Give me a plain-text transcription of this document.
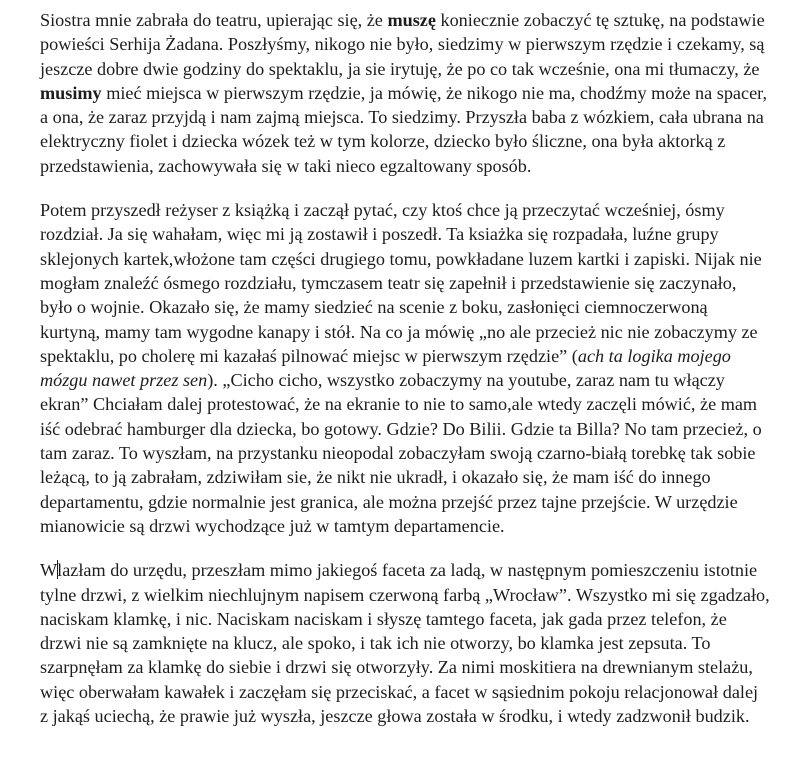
Siostra mnie zabrała do teatru, upierając się, że muszę koniecznie zobaczyć tę sztukę, na podstawie powieści Serhija Żadana. Poszłyśmy, nikogo nie było, siedzimy w pierwszym rzędzie i czekamy, są jeszcze dobre dwie godziny do spektaklu, ja sie irytuję, że po co tak wcześnie, ona mi tłumaczy, że musimy mieć miejsca w pierwszym rzędzie, ja mówię, że nikogo nie ma, chodźmy może na spacer, a ona, że zaraz przyjdą i nam zajmą miejsca. To siedzimy. Przyszła baba z wózkiem, cała ubrana na elektryczny fiolet i dziecka wózek też w tym kolorze, dziecko było śliczne, ona była aktorką z przedstawienia, zachowywała się w taki nieco egzaltowany sposób.

Potem przyszedł reżyser z książką i zaczął pytać, czy ktoś chce ją przeczytać wcześniej, ósmy rozdział. Ja się wahałam, więc mi ją zostawił i poszedł. Ta ksiażka się rozpadała, luźne grupy sklejonych kartek,włożone tam części drugiego tomu, powkładane luzem kartki i zapiski. Nijak nie mogłam znaleźć ósmego rozdziału, tymczasem teatr się zapełnił i przedstawienie się zaczynało, było o wojnie. Okazało się, że mamy siedzieć na scenie z boku, zasłonięci ciemnoczerwoną kurtyną, mamy tam wygodne kanapy i stół. Na co ja mówię „no ale przecież nic nie zobaczymy ze spektaklu, po cholerę mi kazałaś pilnować miejsc w pierwszym rzędzie” (ach ta logika mojego mózgu nawet przez sen). „Cicho cicho, wszystko zobaczymy na youtube, zaraz nam tu włączy ekran” Chciałam dalej protestować, że na ekranie to nie to samo,ale wtedy zaczęli mówić, że mam iść odebrać hamburger dla dziecka, bo gotowy. Gdzie? Do Bilii. Gdzie ta Billa? No tam przecież, o tam zaraz. To wyszłam, na przystanku nieopodal zobaczyłam swoją czarno-białą torebkę tak sobie leżącą, to ją zabrałam, zdziwiłam sie, że nikt nie ukradł, i okazało się, że mam iść do innego departamentu, gdzie normalnie jest granica, ale można przejść przez tajne przejście. W urzędzie mianowicie są drzwi wychodzące już w tamtym departamencie.

Wlazłam do urzędu, przeszłam mimo jakiegoś faceta za ladą, w następnym pomieszczeniu istotnie tylne drzwi, z wielkim niechlujnym napisem czerwoną farbą „Wrocław”. Wszystko mi się zgadzało, naciskam klamkę, i nic. Naciskam naciskam i słyszę tamtego faceta, jak gada przez telefon, że drzwi nie są zamknięte na klucz, ale spoko, i tak ich nie otworzy, bo klamka jest zepsuta. To szarpnęłam za klamkę do siebie i drzwi się otworzyły. Za nimi moskitiera na drewnianym stelażu, więc oberwałam kawałek i zaczęłam się przeciskać, a facet w sąsiednim pokoju relacjonował dalej z jakąś uciechą, że prawie już wyszła, jeszcze głowa została w środku, i wtedy zadzwonił budzik.
